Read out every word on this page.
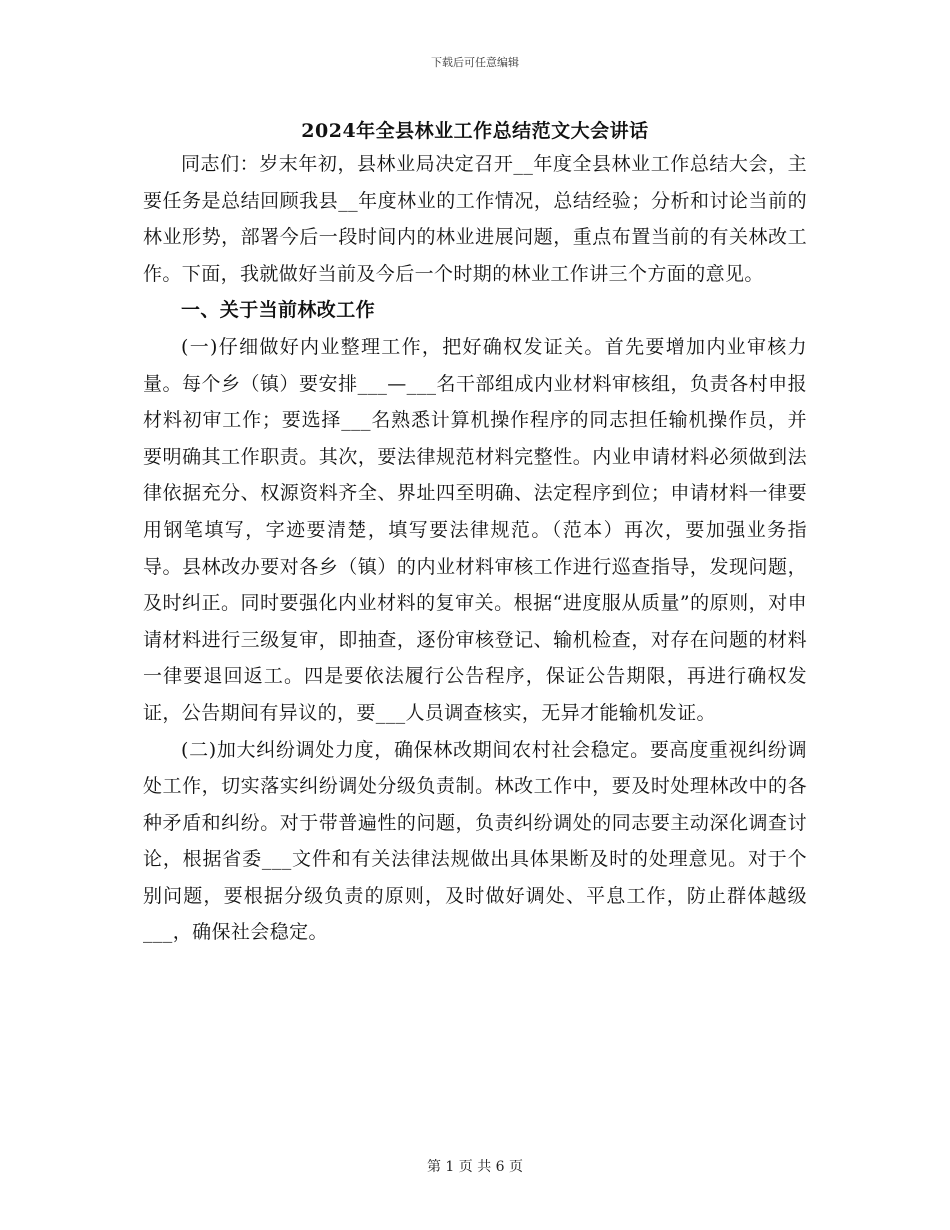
下载后可任意编辑
2024年全县林业工作总结范文大会讲话

同志们：岁末年初，县林业局决定召开__年度全县林业工作总结大会，主要任务是总结回顾我县__年度林业的工作情况，总结经验；分析和讨论当前的林业形势，部署今后一段时间内的林业进展问题，重点布置当前的有关林改工作。下面，我就做好当前及今后一个时期的林业工作讲三个方面的意见。

一、关于当前林改工作

(一)仔细做好内业整理工作，把好确权发证关。首先要增加内业审核力量。每个乡（镇）要安排___—___名干部组成内业材料审核组，负责各村申报材料初审工作；要选择___名熟悉计算机操作程序的同志担任输机操作员，并要明确其工作职责。其次，要法律规范材料完整性。内业申请材料必须做到法律依据充分、权源资料齐全、界址四至明确、法定程序到位；申请材料一律要用钢笔填写，字迹要清楚，填写要法律规范。（范本）再次，要加强业务指导。县林改办要对各乡（镇）的内业材料审核工作进行巡查指导，发现问题，及时纠正。同时要强化内业材料的复审关。根据“进度服从质量”的原则，对申请材料进行三级复审，即抽查，逐份审核登记、输机检查，对存在问题的材料一律要退回返工。四是要依法履行公告程序，保证公告期限，再进行确权发证，公告期间有异议的，要___人员调查核实，无异才能输机发证。

(二)加大纠纷调处力度，确保林改期间农村社会稳定。要高度重视纠纷调处工作，切实落实纠纷调处分级负责制。林改工作中，要及时处理林改中的各种矛盾和纠纷。对于带普遍性的问题，负责纠纷调处的同志要主动深化调查讨论，根据省委___文件和有关法律法规做出具体果断及时的处理意见。对于个别问题，要根据分级负责的原则，及时做好调处、平息工作，防止群体越级___，确保社会稳定。

第 1 页 共 6 页
